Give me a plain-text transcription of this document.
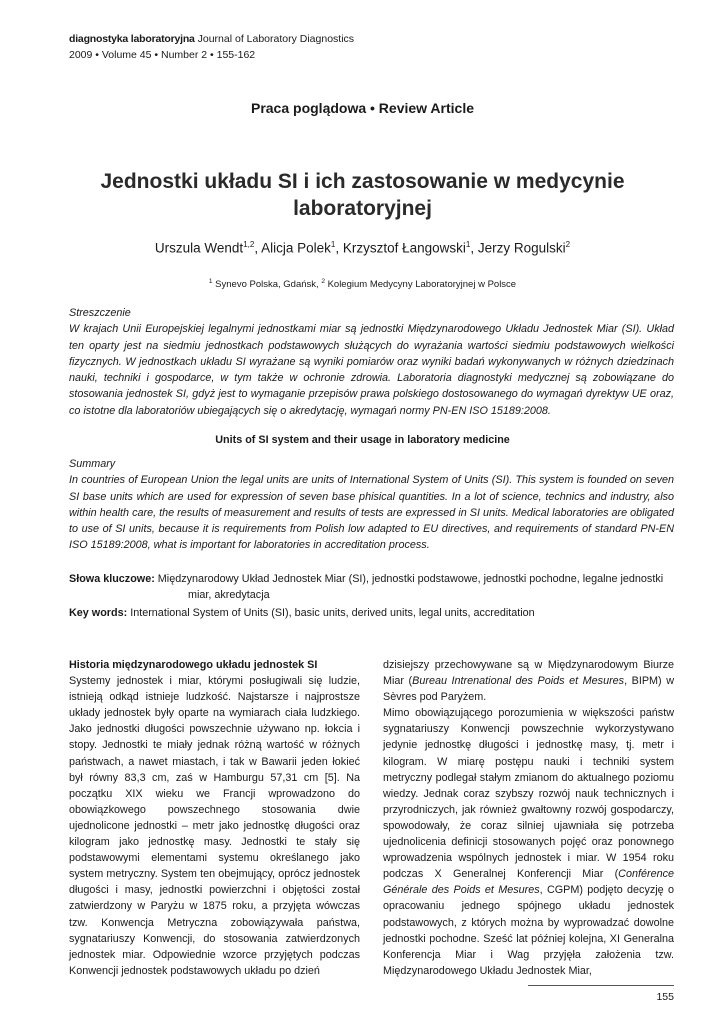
diagnostyka laboratoryjna Journal of Laboratory Diagnostics
2009 • Volume 45 • Number 2 • 155-162
Praca poglądowa • Review Article
Jednostki układu SI i ich zastosowanie w medycynie laboratoryjnej
Urszula Wendt$^{1,2}$, Alicja Polek$^1$, Krzysztof Łangowski$^1$, Jerzy Rogulski$^2$
$^1$ Synevo Polska, Gdańsk, $^2$ Kolegium Medycyny Laboratoryjnej w Polsce
Streszczenie
W krajach Unii Europejskiej legalnymi jednostkami miar są jednostki Międzynarodowego Układu Jednostek Miar (SI). Układ ten oparty jest na siedmiu jednostkach podstawowych służących do wyrażania wartości siedmiu podstawowych wielkości fizycznych. W jednostkach układu SI wyrażane są wyniki pomiarów oraz wyniki badań wykonywanych w różnych dziedzinach nauki, techniki i gospodarce, w tym także w ochronie zdrowia. Laboratoria diagnostyki medycznej są zobowiązane do stosowania jednostek SI, gdyż jest to wymaganie przepisów prawa polskiego dostosowanego do wymagań dyrektyw UE oraz, co istotne dla laboratoriów ubiegających się o akredytację, wymagań normy PN-EN ISO 15189:2008.
Units of SI system and their usage in laboratory medicine
Summary
In countries of European Union the legal units are units of International System of Units (SI). This system is founded on seven SI base units which are used for expression of seven base phisical quantities. In a lot of science, technics and industry, also within health care, the results of measurement and results of tests are expressed in SI units. Medical laboratories are obligated to use of SI units, because it is requirements from Polish low adapted to EU directives, and requirements of standard PN-EN ISO 15189:2008, what is important for laboratories in accreditation process.
Słowa kluczowe: Międzynarodowy Układ Jednostek Miar (SI), jednostki podstawowe, jednostki pochodne, legalne jednostki
miar, akredytacja
Key words: International System of Units (SI), basic units, derived units, legal units, accreditation
Historia międzynarodowego układu jednostek SI

Systemy jednostek i miar, którymi posługiwali się ludzie, istnieją odkąd istnieje ludzkość. Najstarsze i najprostsze układy jednostek były oparte na wymiarach ciała ludzkiego. Jako jednostki długości powszechnie używano np. łokcia i stopy. Jednostki te miały jednak różną wartość w różnych państwach, a nawet miastach, i tak w Bawarii jeden łokieć był równy 83,3 cm, zaś w Hamburgu 57,31 cm [5]. Na początku XIX wieku we Francji wprowadzono do obowiązkowego powszechnego stosowania dwie ujednolicone jednostki – metr jako jednostkę długości oraz kilogram jako jednostkę masy. Jednostki te stały się podstawowymi elementami systemu określanego jako system metryczny. System ten obejmujący, oprócz jednostek długości i masy, jednostki powierzchni i objętości został zatwierdzony w Paryżu w 1875 roku, a przyjęta wówczas tzw. Konwencja Metryczna zobowiązywała państwa, sygnatariuszy Konwencji, do stosowania zatwierdzonych jednostek miar. Odpowiednie wzorce przyjętych podczas Konwencji jednostek podstawowych układu po dzień

dzisiejszy przechowywane są w Międzynarodowym Biurze Miar (Bureau Intrenational des Poids et Mesures, BIPM) w Sèvres pod Paryżem.

Mimo obowiązującego porozumienia w większości państw sygnatariuszy Konwencji powszechnie wykorzystywano jedynie jednostkę długości i jednostkę masy, tj. metr i kilogram. W miarę postępu nauki i techniki system metryczny podlegał stałym zmianom do aktualnego poziomu wiedzy. Jednak coraz szybszy rozwój nauk technicznych i przyrodniczych, jak również gwałtowny rozwój gospodarczy, spowodowały, że coraz silniej ujawniała się potrzeba ujednolicenia definicji stosowanych pojęć oraz ponownego wprowadzenia wspólnych jednostek i miar. W 1954 roku podczas X Generalnej Konferencji Miar (Conférence Générale des Poids et Mesures, CGPM) podjęto decyzję o opracowaniu jednego spójnego układu jednostek podstawowych, z których można by wyprowadzać dowolne jednostki pochodne. Sześć lat później kolejna, XI Generalna Konferencja Miar i Wag przyjęła założenia tzw. Międzynarodowego Układu Jednostek Miar,

155
